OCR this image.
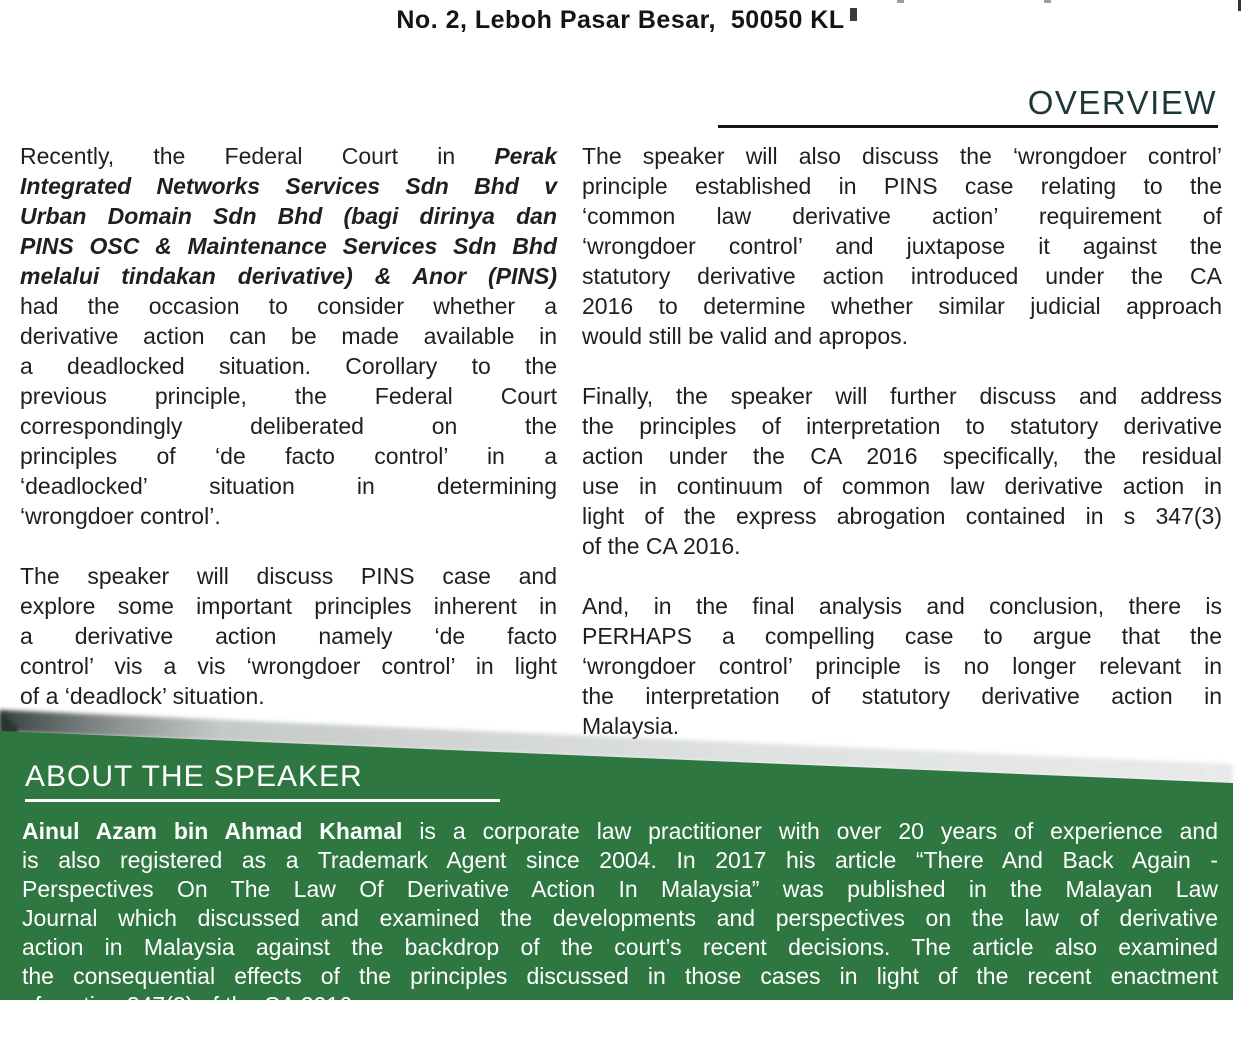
No. 2, Leboh Pasar Besar,  50050 KL
OVERVIEW
Recently, the Federal Court in Perak
Integrated Networks Services Sdn Bhd v
Urban Domain Sdn Bhd (bagi dirinya dan
PINS OSC & Maintenance Services Sdn Bhd
melalui tindakan derivative) & Anor (PINS)
had the occasion to consider whether a
derivative action can be made available in
a deadlocked situation. Corollary to the
previous principle, the Federal Court
correspondingly deliberated on the
principles of ‘de facto control’ in a
‘deadlocked’ situation in determining
‘wrongdoer control’.
The speaker will discuss PINS case and
explore some important principles inherent in
a derivative action namely ‘de facto
control’ vis a vis ‘wrongdoer control’ in light
of a ‘deadlock’ situation.
The speaker will also discuss the ‘wrongdoer control’
principle established in PINS case relating to the
‘common law derivative action’ requirement of
‘wrongdoer control’ and juxtapose it against the
statutory derivative action introduced under the CA
2016 to determine whether similar judicial approach
would still be valid and apropos.
Finally, the speaker will further discuss and address
the principles of interpretation to statutory derivative
action under the CA 2016 specifically, the residual
use in continuum of common law derivative action in
light of the express abrogation contained in s 347(3)
of the CA 2016.
And, in the final analysis and conclusion, there is
PERHAPS a compelling case to argue that the
‘wrongdoer control’ principle is no longer relevant in
the interpretation of statutory derivative action in
Malaysia.
ABOUT THE SPEAKER
Ainul Azam bin Ahmad Khamal is a corporate law practitioner with over 20 years of experience and
is also registered as a Trademark Agent since 2004. In 2017 his article “There And Back Again -
Perspectives On The Law Of Derivative Action In Malaysia” was published in the Malayan Law
Journal which discussed and examined the developments and perspectives on the law of derivative
action in Malaysia against the backdrop of the court’s recent decisions. The article also examined
the consequential effects of the principles discussed in those cases in light of the recent enactment
of section 347(3) of the CA 2016.
